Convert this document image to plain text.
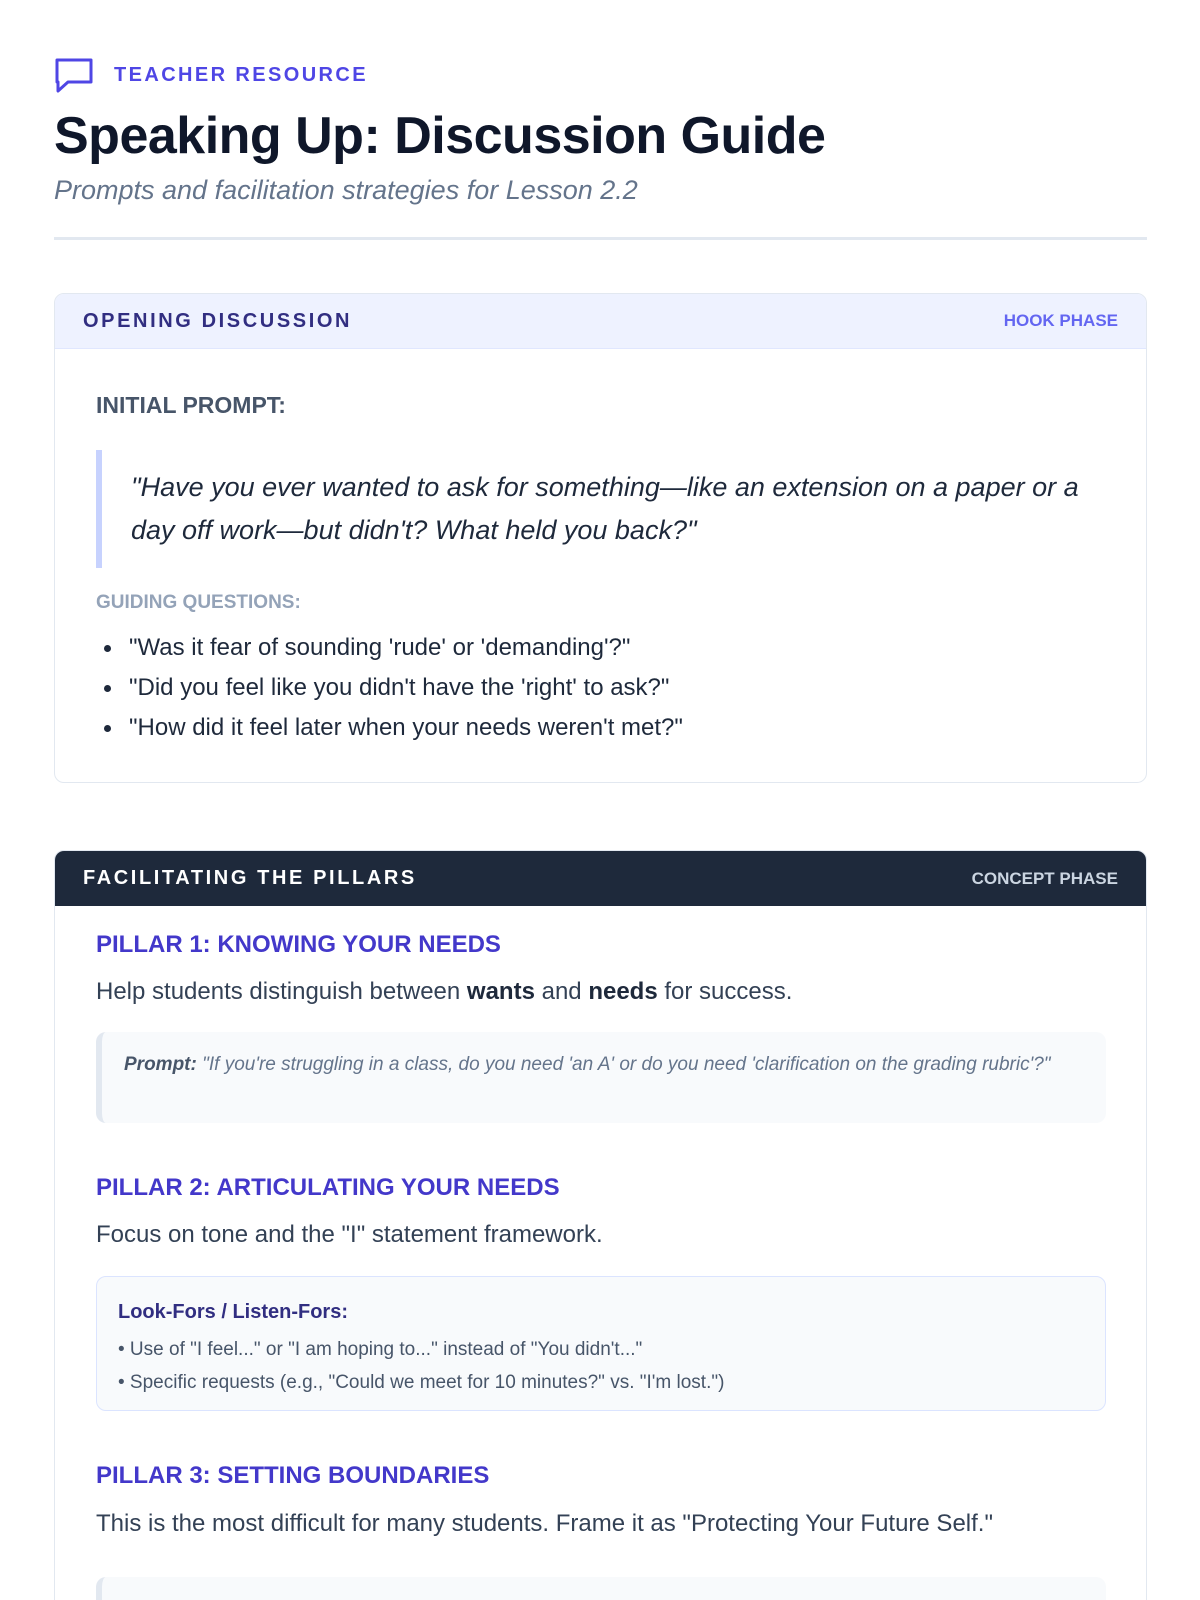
TEACHER RESOURCE
Speaking Up: Discussion Guide
Prompts and facilitation strategies for Lesson 2.2
OPENING DISCUSSION	HOOK PHASE
INITIAL PROMPT:
"Have you ever wanted to ask for something—like an extension on a paper or a day off work—but didn't? What held you back?"
GUIDING QUESTIONS:
"Was it fear of sounding 'rude' or 'demanding'?"
"Did you feel like you didn't have the 'right' to ask?"
"How did it feel later when your needs weren't met?"
FACILITATING THE PILLARS	CONCEPT PHASE
PILLAR 1: KNOWING YOUR NEEDS
Help students distinguish between wants and needs for success.
Prompt: "If you're struggling in a class, do you need 'an A' or do you need 'clarification on the grading rubric'?"
PILLAR 2: ARTICULATING YOUR NEEDS
Focus on tone and the "I" statement framework.
Look-Fors / Listen-Fors:
• Use of "I feel..." or "I am hoping to..." instead of "You didn't..."
• Specific requests (e.g., "Could we meet for 10 minutes?" vs. "I'm lost.")
PILLAR 3: SETTING BOUNDARIES
This is the most difficult for many students. Frame it as "Protecting Your Future Self."
